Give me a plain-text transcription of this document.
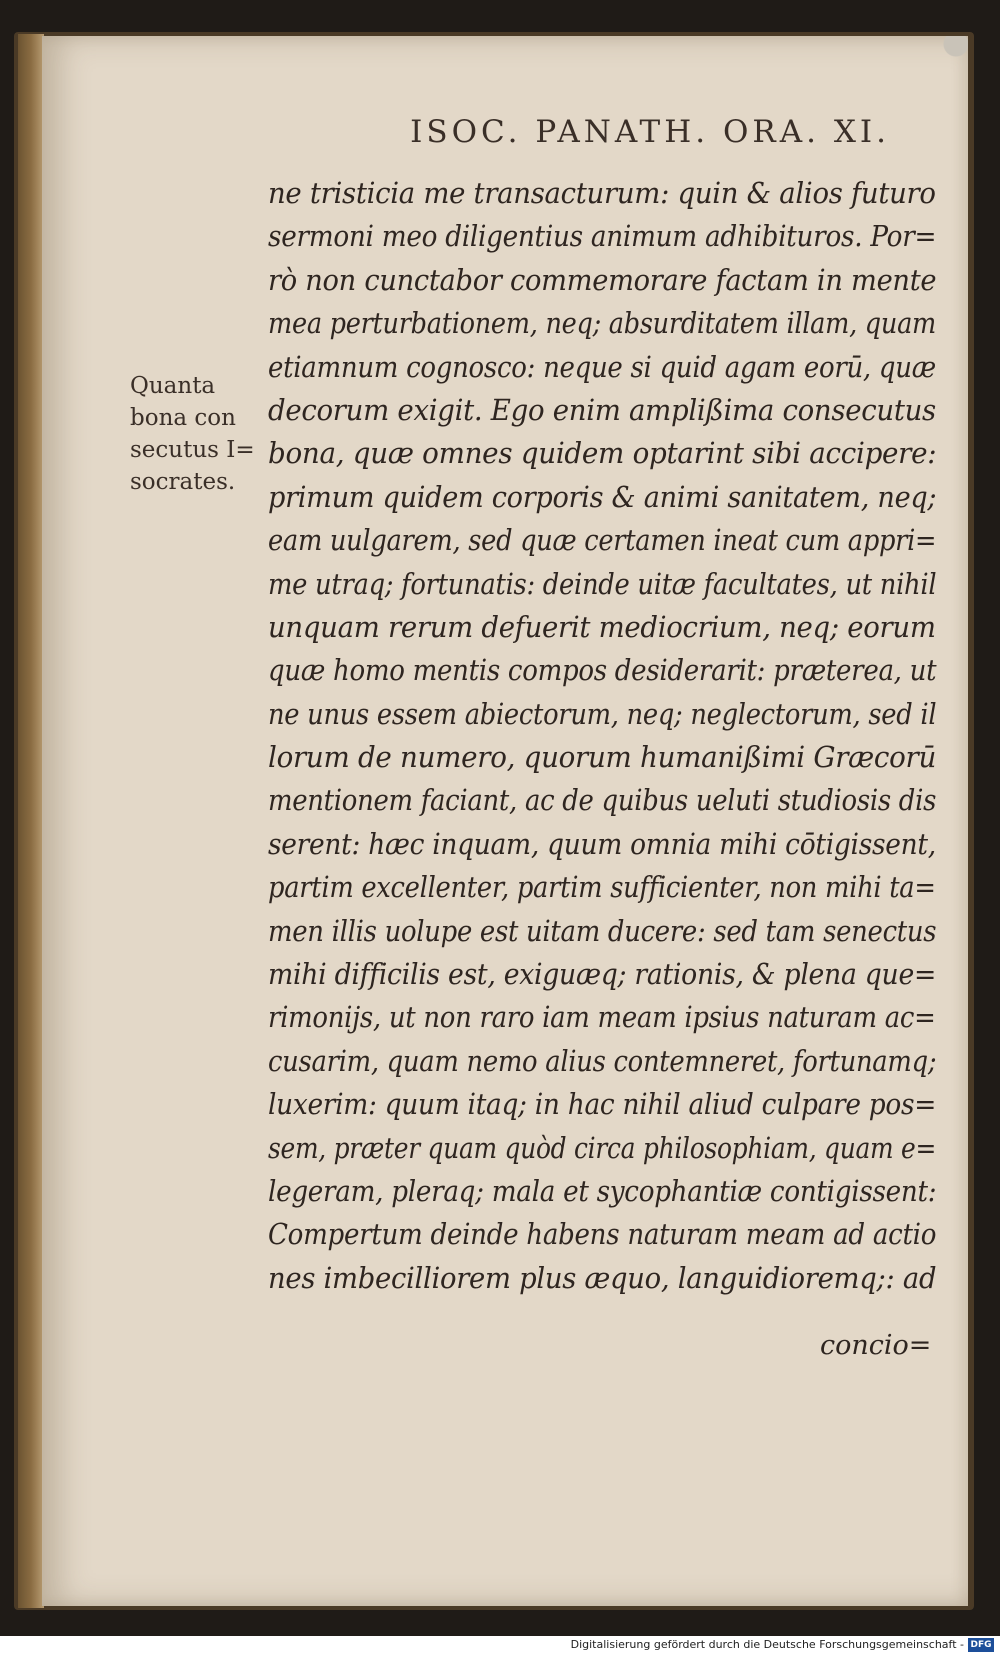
ISOC. PANATH. ORA. XI.
Quanta
bona con
secutus I=
socrates.
ne tristicia me transacturum: quin & alios futuro
sermoni meo diligentius animum adhibituros. Por=
rò non cunctabor commemorare factam in mente
mea perturbationem, neq; absurditatem illam, quam
etiamnum cognosco: neque si quid agam eorū, quæ
decorum exigit. Ego enim amplißima consecutus
bona, quæ omnes quidem optarint sibi accipere:
primum quidem corporis & animi sanitatem, neq;
eam uulgarem, sed quæ certamen ineat cum appri=
me utraq; fortunatis: deinde uitæ facultates, ut nihil
unquam rerum defuerit mediocrium, neq; eorum
quæ homo mentis compos desiderarit: præterea, ut
ne unus essem abiectorum, neq; neglectorum, sed il
lorum de numero, quorum humanißimi Græcorū
mentionem faciant, ac de quibus ueluti studiosis dis
serent: hæc inquam, quum omnia mihi cōtigissent,
partim excellenter, partim sufficienter, non mihi ta=
men illis uolupe est uitam ducere: sed tam senectus
mihi difficilis est, exiguæq; rationis, & plena que=
rimonijs, ut non raro iam meam ipsius naturam ac=
cusarim, quam nemo alius contemneret, fortunamq;
luxerim: quum itaq; in hac nihil aliud culpare pos=
sem, præter quam quòd circa philosophiam, quam e=
legeram, pleraq; mala et sycophantiæ contigissent:
Compertum deinde habens naturam meam ad actio
nes imbecilliorem plus æquo, languidioremq;: ad
concio=
Digitalisierung gefördert durch die Deutsche Forschungsgemeinschaft - DFG
